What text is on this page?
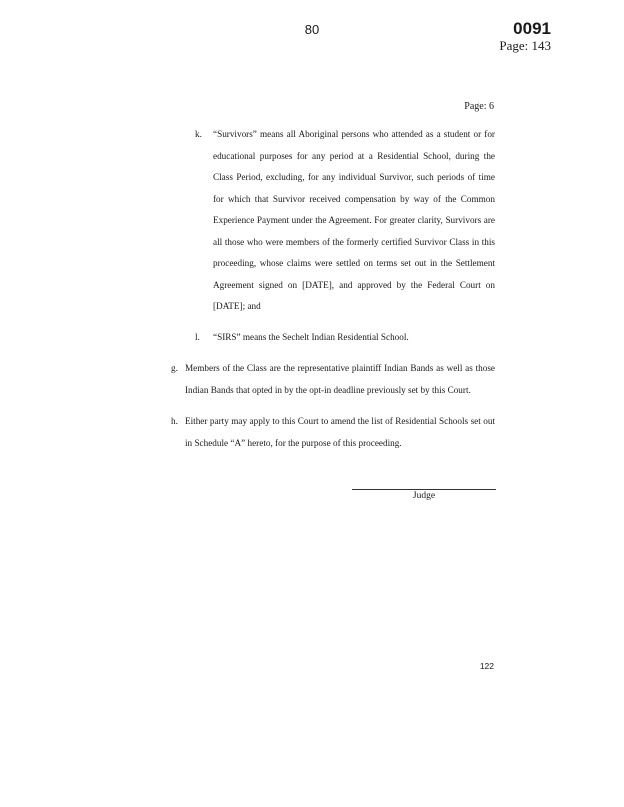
80	0091
Page: 143
Page: 6
k. “Survivors” means all Aboriginal persons who attended as a student or for educational purposes for any period at a Residential School, during the Class Period, excluding, for any individual Survivor, such periods of time for which that Survivor received compensation by way of the Common Experience Payment under the Agreement. For greater clarity, Survivors are all those who were members of the formerly certified Survivor Class in this proceeding, whose claims were settled on terms set out in the Settlement Agreement signed on [DATE], and approved by the Federal Court on [DATE]; and
l. “SIRS” means the Sechelt Indian Residential School.
g. Members of the Class are the representative plaintiff Indian Bands as well as those Indian Bands that opted in by the opt-in deadline previously set by this Court.
h. Either party may apply to this Court to amend the list of Residential Schools set out in Schedule “A” hereto, for the purpose of this proceeding.
Judge
122
